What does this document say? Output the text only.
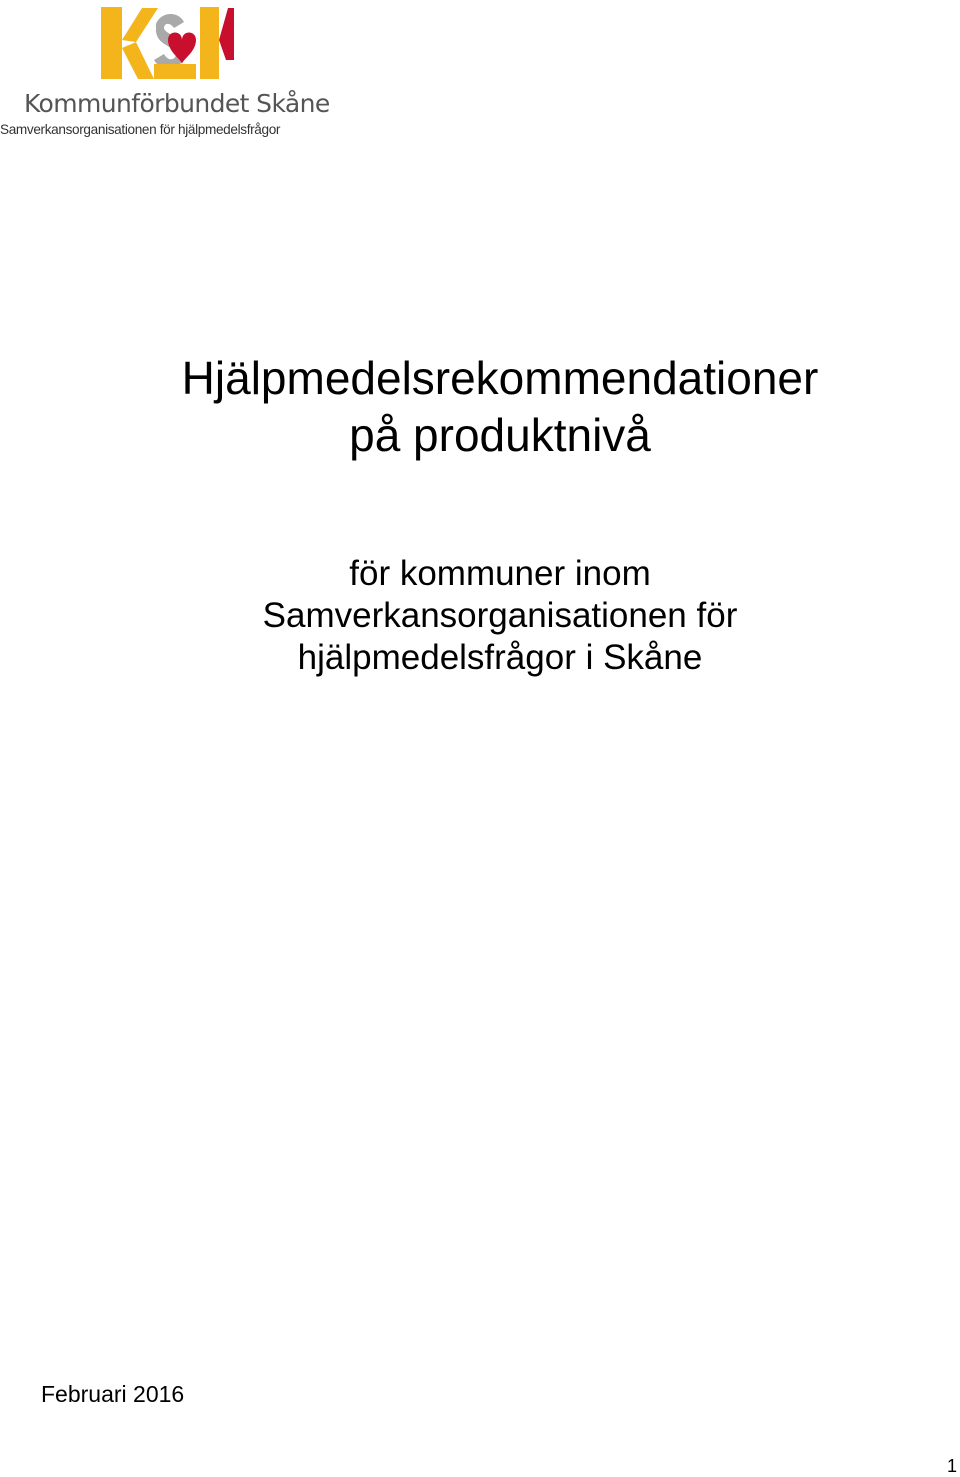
Kommunförbundet Skåne
Samverkansorganisationen för hjälpmedelsfrågor
Hjälpmedelsrekommendationer
på produktnivå
för kommuner inom
Samverkansorganisationen för
hjälpmedelsfrågor i Skåne
Februari 2016
1
